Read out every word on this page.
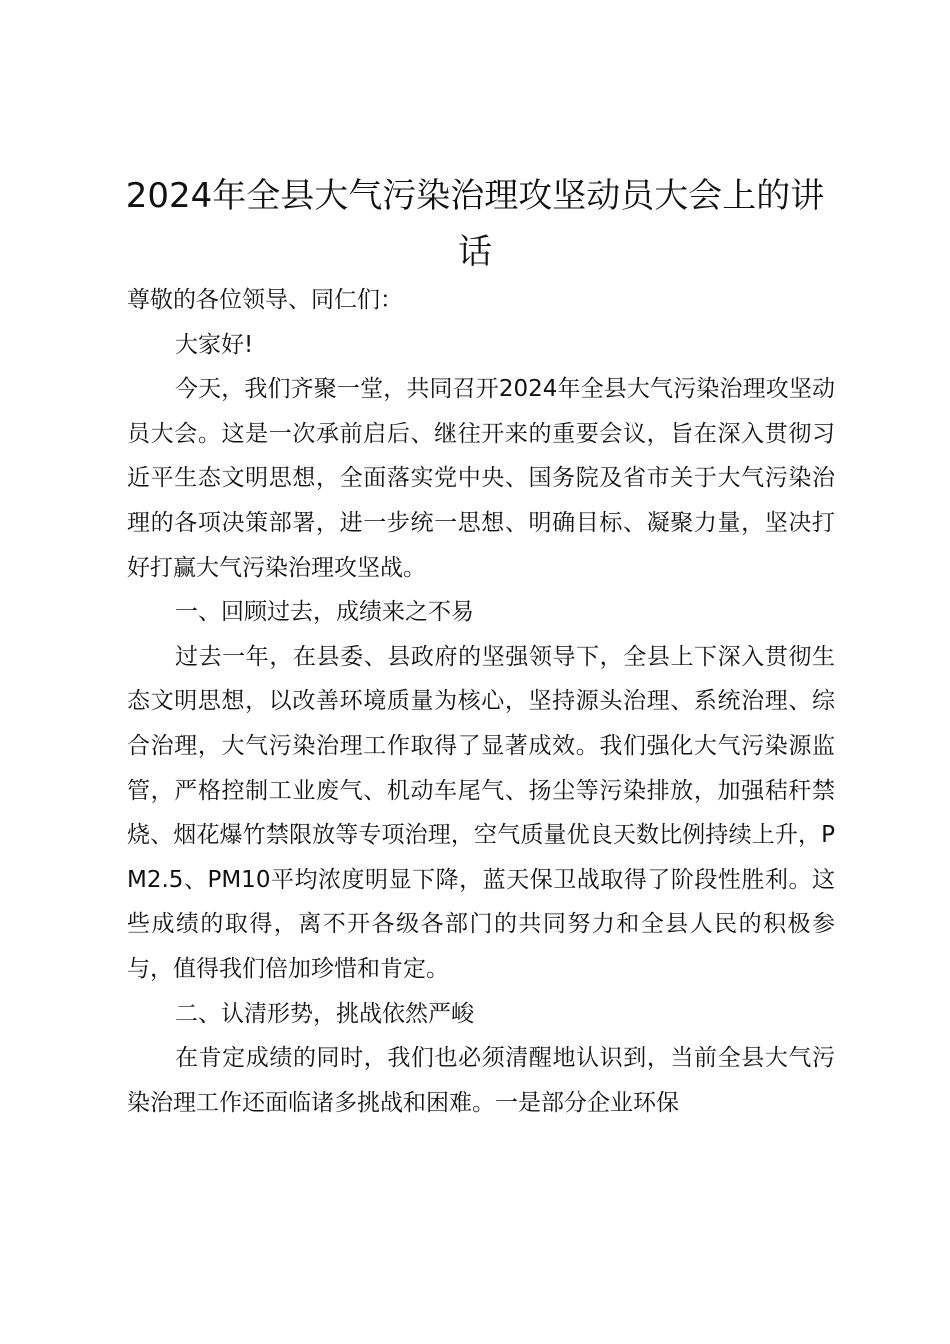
2024年全县大气污染治理攻坚动员大会上的讲话

尊敬的各位领导、同仁们：

大家好!

今天，我们齐聚一堂，共同召开2024年全县大气污染治理攻坚动员大会。这是一次承前启后、继往开来的重要会议，旨在深入贯彻习近平生态文明思想，全面落实党中央、国务院及省市关于大气污染治理的各项决策部署，进一步统一思想、明确目标、凝聚力量，坚决打好打赢大气污染治理攻坚战。

一、回顾过去，成绩来之不易

过去一年，在县委、县政府的坚强领导下，全县上下深入贯彻生态文明思想，以改善环境质量为核心，坚持源头治理、系统治理、综合治理，大气污染治理工作取得了显著成效。我们强化大气污染源监管，严格控制工业废气、机动车尾气、扬尘等污染排放，加强秸秆禁烧、烟花爆竹禁限放等专项治理，空气质量优良天数比例持续上升，PM2.5、PM10平均浓度明显下降，蓝天保卫战取得了阶段性胜利。这些成绩的取得，离不开各级各部门的共同努力和全县人民的积极参与，值得我们倍加珍惜和肯定。

二、认清形势，挑战依然严峻

在肯定成绩的同时，我们也必须清醒地认识到，当前全县大气污染治理工作还面临诸多挑战和困难。一是部分企业环保
